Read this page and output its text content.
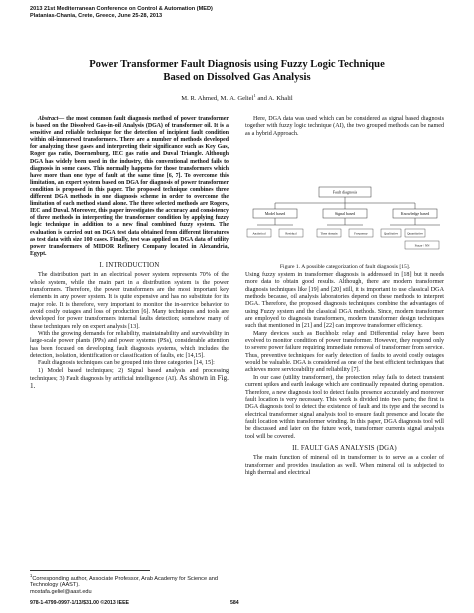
2013 21st Mediterranean Conference on Control & Automation (MED)
Platanias-Chania, Crete, Greece, June 25-28, 2013
Power Transformer Fault Diagnosis using Fuzzy Logic Technique
Based on Dissolved Gas Analysis
M. R. Ahmed, M. A. Geliel$^1$ and A. Khalil

Abstract— the most common fault diagnosis method of power transformer is based on the Dissolved Gas-in-oil Analysis (DGA) of transformer oil. It is a sensitive and reliable technique for the detection of incipient fault condition within oil-immersed transformers. There are a number of methods developed for analyzing these gases and interpreting their significance such as Key Gas, Roger gas ratio, Doernenburg, IEC gas ratio and Duval Triangle. Although DGA has widely been used in the industry, this conventional method fails to diagnosis in some cases. This normally happens for those transformers which have more than one type of fault at the same time [6, 7]. To overcome this limitation, an expert system based on DGA for diagnosis of power transformer condition is proposed in this paper. The proposed technique combines three different DGA methods in one diagnosis scheme in order to overcome the limitation of each method stand alone. The three selected methods are Rogers, IEC and Duval. Moreover, this paper investigates the accuracy and consistency of three methods in interpreting the transformer condition by applying fuzzy logic technique in addition to a new final combined fuzzy system. The evaluation is carried out on DGA test data obtained from different literatures as test data with size 100 cases. Finally, test was applied on DGA data of utility power transformers of MIDOR Refinery Company located in Alexandria, Egypt.

I. INTRODUCTION

The distribution part in an electrical power system represents 70% of the whole system, while the main part in a distribution system is the power transformers. Therefore, the power transformers are the most important key elements in any power system. It is quite expensive and has no substitute for its major role. It is therefore, very important to monitor the in-service behavior to avoid costly outages and loss of production [6]. Many techniques and tools are developed for power transformers internal faults detection; somehow many of these techniques rely on expert analysis [13].

With the growing demands for reliability, maintainability and survivability in large-scale power plants (PPs) and power systems (PSs), considerable attention has been focused on developing fault diagnosis systems, which includes the detection, isolation, identification or classification of faults, etc [14,15].

Fault diagnosis techniques can be grouped into three categories [14, 15]:

1) Model based techniques; 2) Signal based analysis and processing techniques; 3) Fault diagnosis by artificial intelligence (AI). As shown in Fig. 1.

$^1$Corresponding author, Associate Professor, Arab Academy for Science and Technology (AAST).
mostafa.geliel@aast.edu

Here, DGA data was used which can be considered as signal based diagnosis together with fuzzy logic technique (AI), the two grouped methods can be named as a hybrid Approach.

Fault diagnosis
Model based	Signal based	Knowledge based
Analytical	Residual	Time domain	Frequency	Qualitative	Quantitative
Fuzzy / NN
Figure 1. A possible categorization of fault diagnosis [15].

Using fuzzy system in transformer diagnosis is addressed in [18] but it needs more data to obtain good results. Although, there are modern transformer diagnosis techniques like [19] and [20] still, it is important to use classical DGA methods because, oil analysis laboratories depend on these methods to interpret DGA. Therefore, the proposed diagnosis techniques combine the advantages of using Fuzzy system and the classical DGA methods. Since, modern transformer are employed to diagnosis transformers, modern transformer design techniques such that mentioned in [21] and [22] can improve transformer efficiency.

Many devices such as Buchholz relay and Differential relay have been evolved to monitor condition of power transformer. However, they respond only to severe power failure requiring immediate removal of transformer from service. Thus, preventive techniques for early detection of faults to avoid costly outages would be valuable. DGA is considered as one of the best efficient techniques that achieves more serviceability and reliability [7].

In our case (utility transformer), the protection relay fails to detect transient current spikes and earth leakage which are continually repeated during operation. Therefore, a new diagnosis tool to detect faults presence accurately and moreover fault location is very necessary. This work is divided into two parts; the first is DGA diagnosis tool to detect the existence of fault and its type and the second is electrical transformer signal analysis tool to ensure fault presence and locate the fault location within transformer winding. In this paper, DGA diagnosis tool will be discussed and later on the future work, transformer currents signal analysis tool will be covered.

II. FAULT GAS ANALYSIS (DGA)

The main function of mineral oil in transformer is to serve as a cooler of transformer and provides insulation as well. When mineral oil is subjected to high thermal and electrical

978-1-4799-0997-1/13/$31.00 ©2013 IEEE	584
